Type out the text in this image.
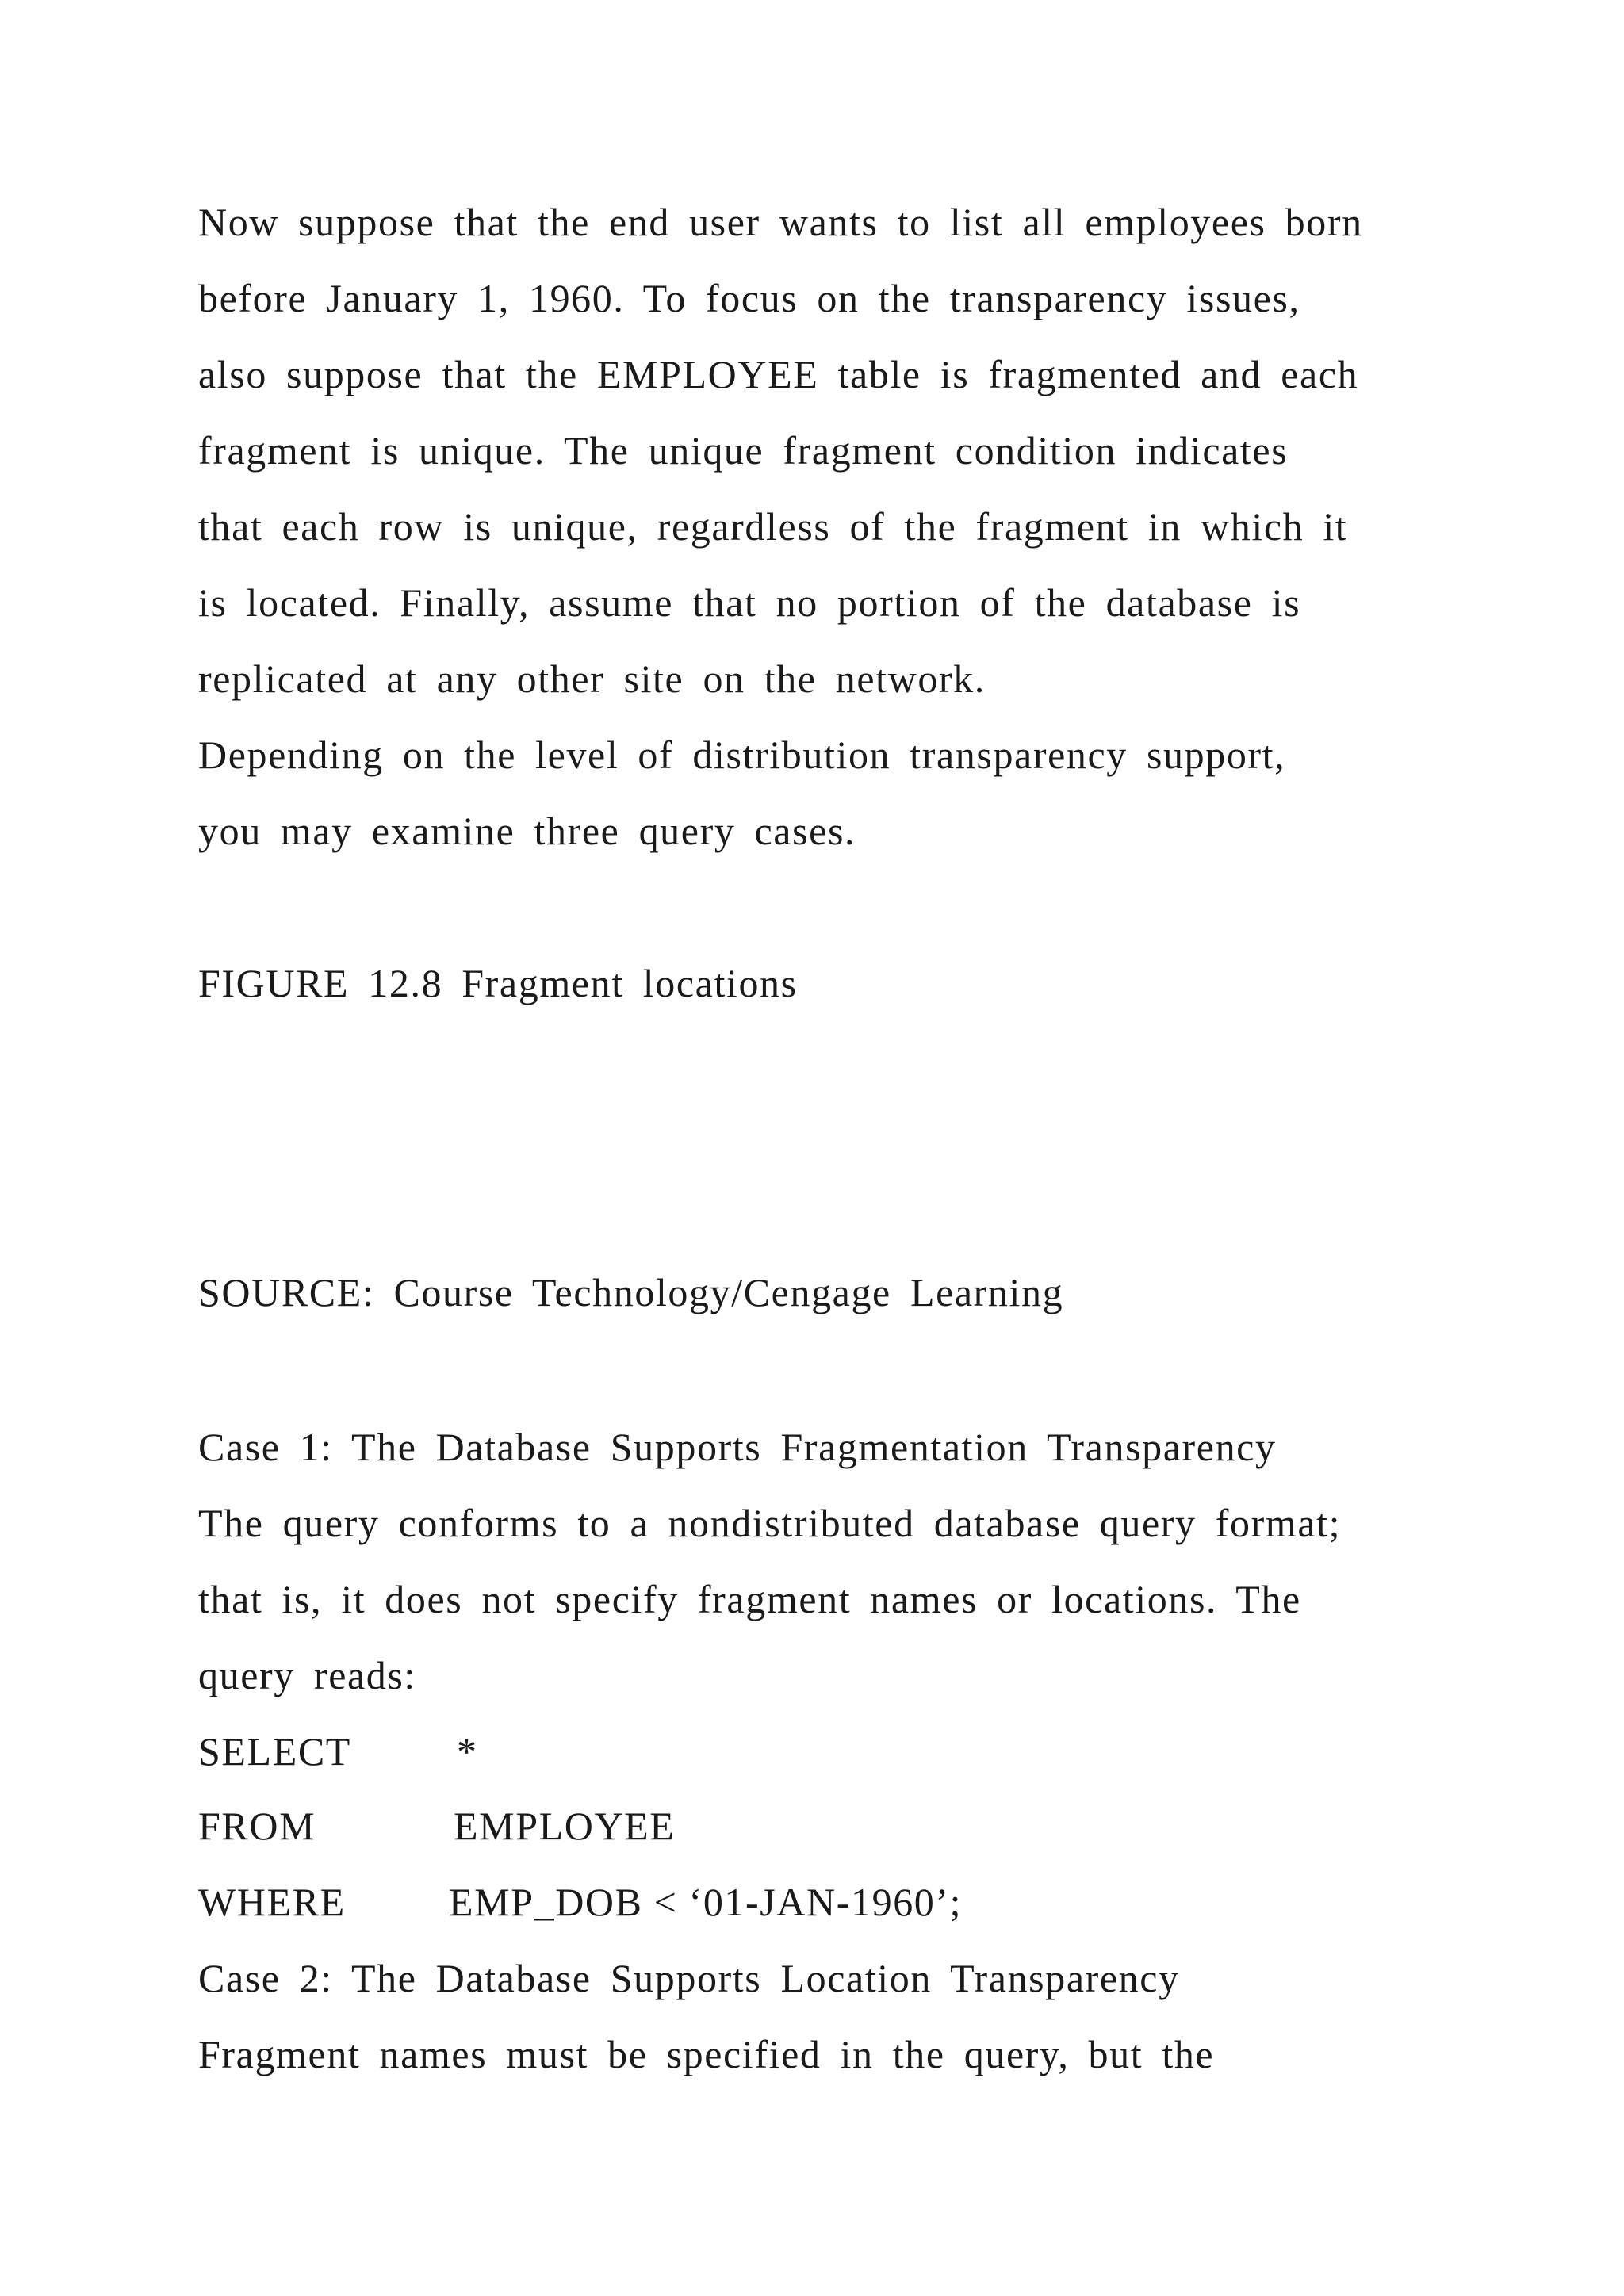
Now suppose that the end user wants to list all employees born
before January 1, 1960. To focus on the transparency issues,
also suppose that the EMPLOYEE table is fragmented and each
fragment is unique. The unique fragment condition indicates
that each row is unique, regardless of the fragment in which it
is located. Finally, assume that no portion of the database is
replicated at any other site on the network.
Depending on the level of distribution transparency support,
you may examine three query cases.
FIGURE 12.8 Fragment locations
SOURCE: Course Technology/Cengage Learning
Case 1: The Database Supports Fragmentation Transparency
The query conforms to a nondistributed database query format;
that is, it does not specify fragment names or locations. The
query reads:

SELECT

	*

FROM

	EMPLOYEE

WHERE

	EMP_DOB < ‘01-JAN-1960’;

Case 2: The Database Supports Location Transparency
Fragment names must be specified in the query, but the
